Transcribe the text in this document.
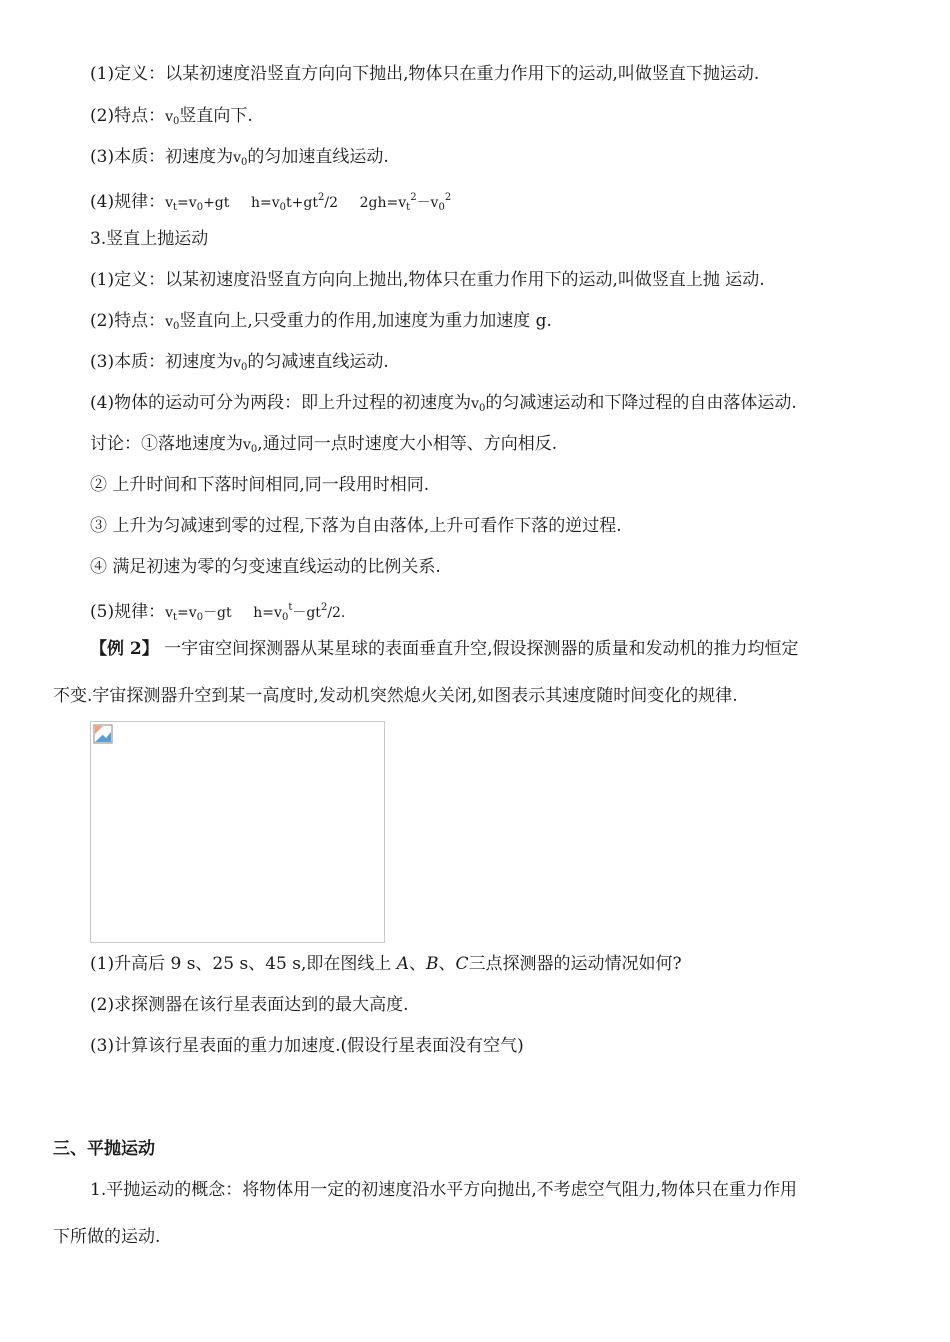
(1)定义：以某初速度沿竖直方向向下抛出,物体只在重力作用下的运动,叫做竖直下抛运动.
(2)特点：$v_0$竖直向下.
(3)本质：初速度为$v_0$的匀加速直线运动.
(4)规律：$v_t=v_0+gt$ $h=v_0t+gt^2/2$ $2gh=v_t^2-v_0^2$
3.竖直上抛运动
(1)定义：以某初速度沿竖直方向向上抛出,物体只在重力作用下的运动,叫做竖直上抛 运动.
(2)特点：$v_0$竖直向上,只受重力的作用,加速度为重力加速度 g.
(3)本质：初速度为$v_0$的匀减速直线运动.
(4)物体的运动可分为两段：即上升过程的初速度为$v_0$的匀减速运动和下降过程的自由落体运动.
讨论：①落地速度为$v_0$,通过同一点时速度大小相等、方向相反.
② 上升时间和下落时间相同,同一段用时相同.
③ 上升为匀减速到零的过程,下落为自由落体,上升可看作下落的逆过程.
④ 满足初速为零的匀变速直线运动的比例关系.
(5)规律：$v_t=v_0-gt$ $h=v_0^t-gt^2/2$.
【例 2】 一宇宙空间探测器从某星球的表面垂直升空,假设探测器的质量和发动机的推力均恒定
不变.宇宙探测器升空到某一高度时,发动机突然熄火关闭,如图表示其速度随时间变化的规律.
(1)升高后 9 s、25 s、45 s,即在图线上 A、B、C三点探测器的运动情况如何?
(2)求探测器在该行星表面达到的最大高度.
(3)计算该行星表面的重力加速度.(假设行星表面没有空气)
三、平抛运动
1.平抛运动的概念：将物体用一定的初速度沿水平方向抛出,不考虑空气阻力,物体只在重力作用
下所做的运动.
